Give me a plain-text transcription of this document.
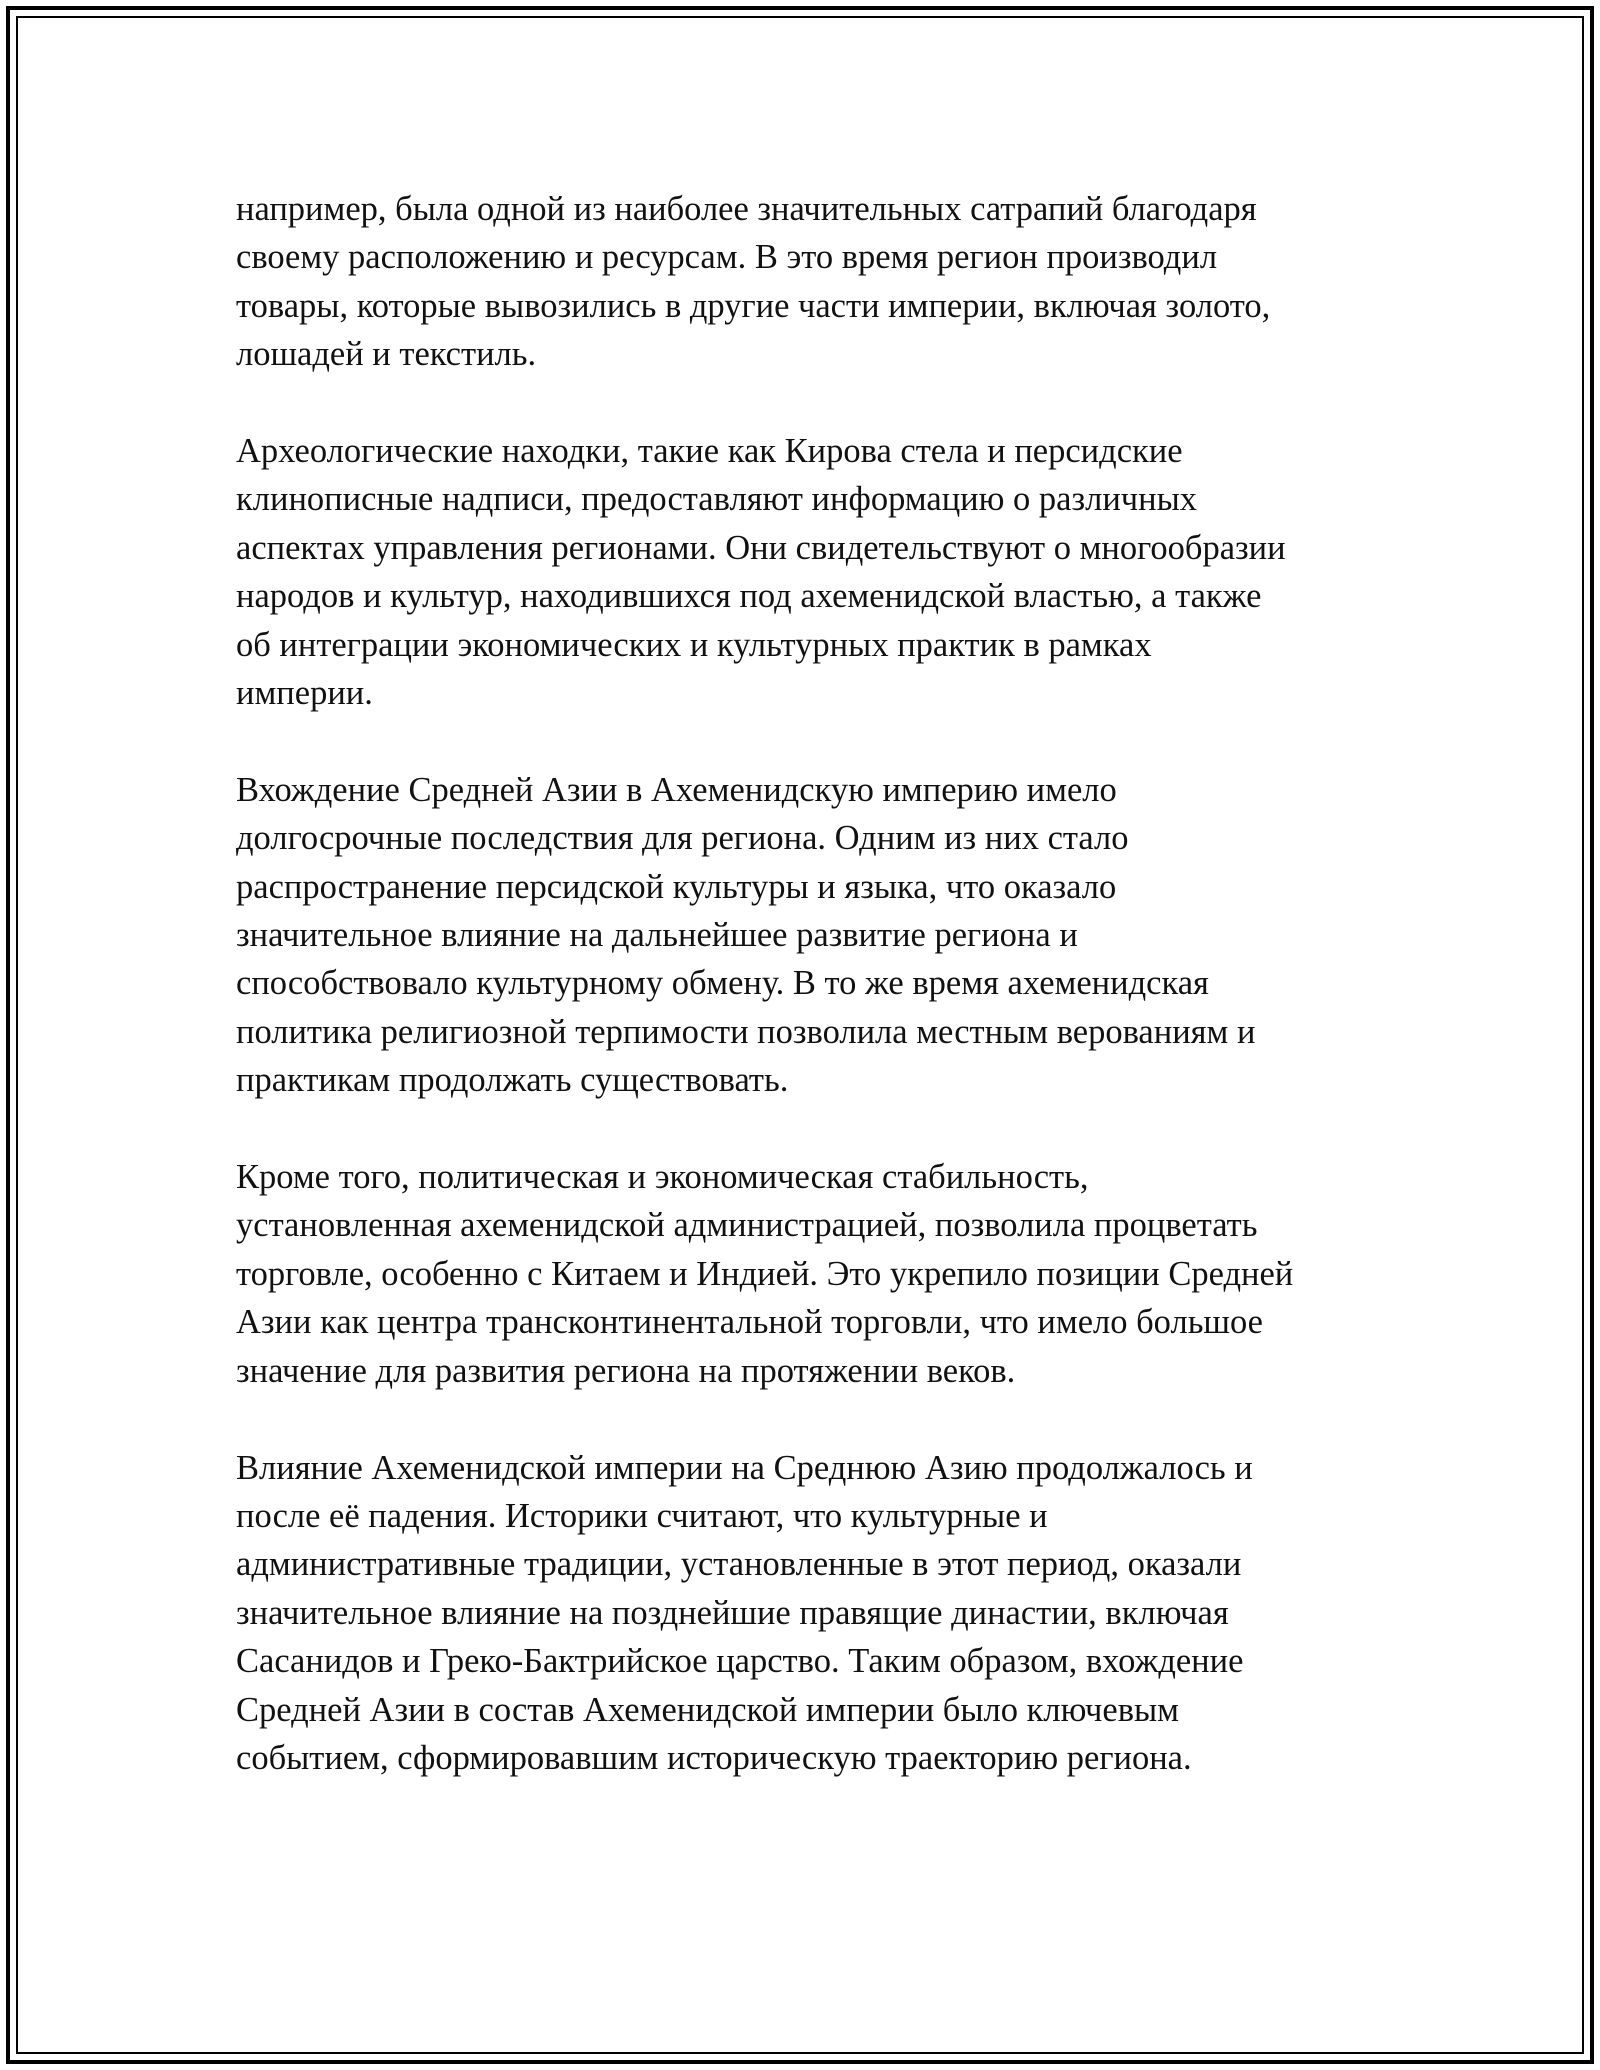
например, была одной из наиболее значительных сатрапий благодаря
своему расположению и ресурсам. В это время регион производил
товары, которые вывозились в другие части империи, включая золото,
лошадей и текстиль.

Археологические находки, такие как Кирова стела и персидские
клинописные надписи, предоставляют информацию о различных
аспектах управления регионами. Они свидетельствуют о многообразии
народов и культур, находившихся под ахеменидской властью, а также
об интеграции экономических и культурных практик в рамках
империи.

Вхождение Средней Азии в Ахеменидскую империю имело
долгосрочные последствия для региона. Одним из них стало
распространение персидской культуры и языка, что оказало
значительное влияние на дальнейшее развитие региона и
способствовало культурному обмену. В то же время ахеменидская
политика религиозной терпимости позволила местным верованиям и
практикам продолжать существовать.

Кроме того, политическая и экономическая стабильность,
установленная ахеменидской администрацией, позволила процветать
торговле, особенно с Китаем и Индией. Это укрепило позиции Средней
Азии как центра трансконтинентальной торговли, что имело большое
значение для развития региона на протяжении веков.

Влияние Ахеменидской империи на Среднюю Азию продолжалось и
после её падения. Историки считают, что культурные и
административные традиции, установленные в этот период, оказали
значительное влияние на позднейшие правящие династии, включая
Сасанидов и Греко-Бактрийское царство. Таким образом, вхождение
Средней Азии в состав Ахеменидской империи было ключевым
событием, сформировавшим историческую траекторию региона.
